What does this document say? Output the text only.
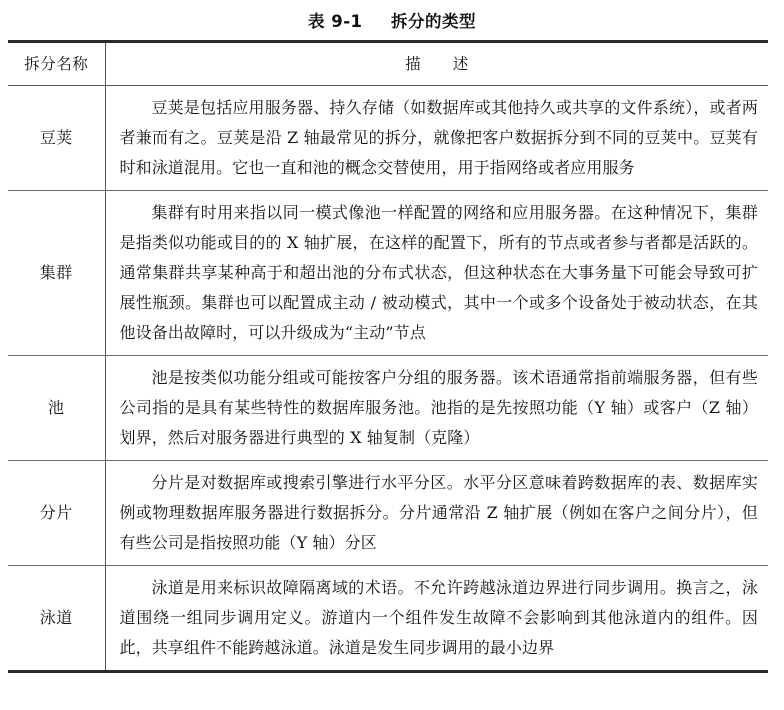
表 9-1 拆分的类型
拆分名称	描 述
豆荚	豆荚是包括应用服务器、持久存储（如数据库或其他持久或共享的文件系统），或者两者兼而有之。豆荚是沿 Z 轴最常见的拆分，就像把客户数据拆分到不同的豆荚中。豆荚有时和泳道混用。它也一直和池的概念交替使用，用于指网络或者应用服务

集群	集群有时用来指以同一模式像池一样配置的网络和应用服务器。在这种情况下，集群是指类似功能或目的的 X 轴扩展，在这样的配置下，所有的节点或者参与者都是活跃的。通常集群共享某种高于和超出池的分布式状态，但这种状态在大事务量下可能会导致可扩展性瓶颈。集群也可以配置成主动 / 被动模式，其中一个或多个设备处于被动状态，在其他设备出故障时，可以升级成为“主动”节点

池	池是按类似功能分组或可能按客户分组的服务器。该术语通常指前端服务器，但有些公司指的是具有某些特性的数据库服务池。池指的是先按照功能（Y 轴）或客户（Z 轴）划界，然后对服务器进行典型的 X 轴复制（克隆）

分片	分片是对数据库或搜索引擎进行水平分区。水平分区意味着跨数据库的表、数据库实例或物理数据库服务器进行数据拆分。分片通常沿 Z 轴扩展（例如在客户之间分片），但有些公司是指按照功能（Y 轴）分区

泳道	泳道是用来标识故障隔离域的术语。不允许跨越泳道边界进行同步调用。换言之，泳道围绕一组同步调用定义。游道内一个组件发生故障不会影响到其他泳道内的组件。因此，共享组件不能跨越泳道。泳道是发生同步调用的最小边界
